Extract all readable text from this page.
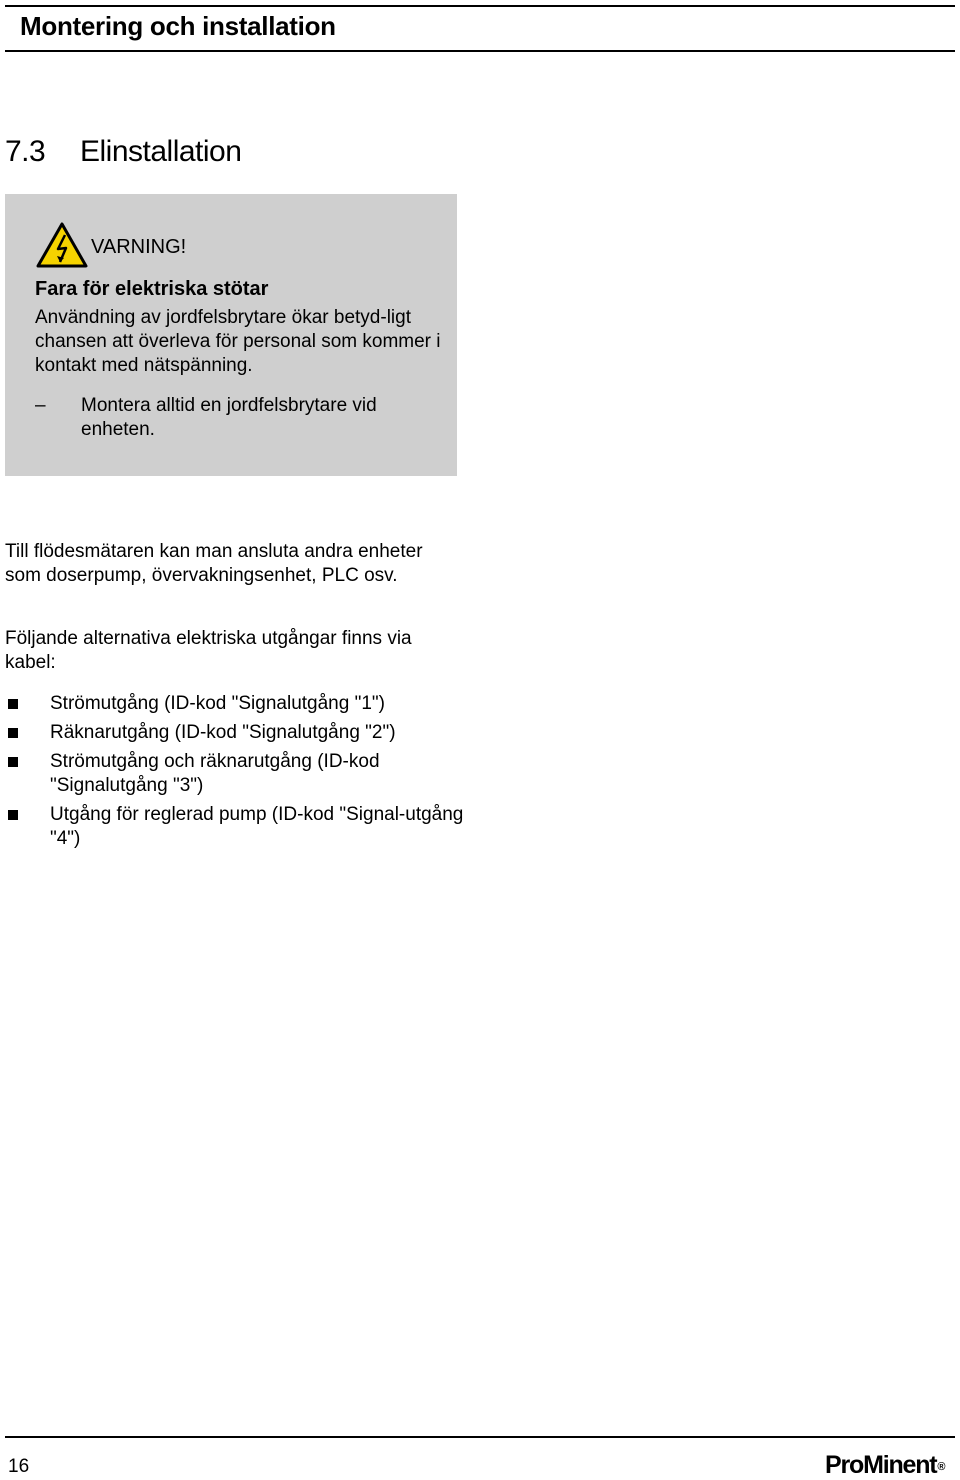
Montering och installation
7.3 Elinstallation
VARNING!
Fara för elektriska stötar
Användning av jordfelsbrytare ökar betyd-ligt chansen att överleva för personal som kommer i kontakt med nätspänning.
– Montera alltid en jordfelsbrytare vid enheten.
Till flödesmätaren kan man ansluta andra enheter som doserpump, övervakningsenhet, PLC osv.
Följande alternativa elektriska utgångar finns via kabel:
Strömutgång (ID-kod "Signalutgång "1")
Räknarutgång (ID-kod "Signalutgång "2")
Strömutgång och räknarutgång (ID-kod "Signalutgång "3")
Utgång för reglerad pump (ID-kod "Signal-utgång "4")
16	ProMinent®
